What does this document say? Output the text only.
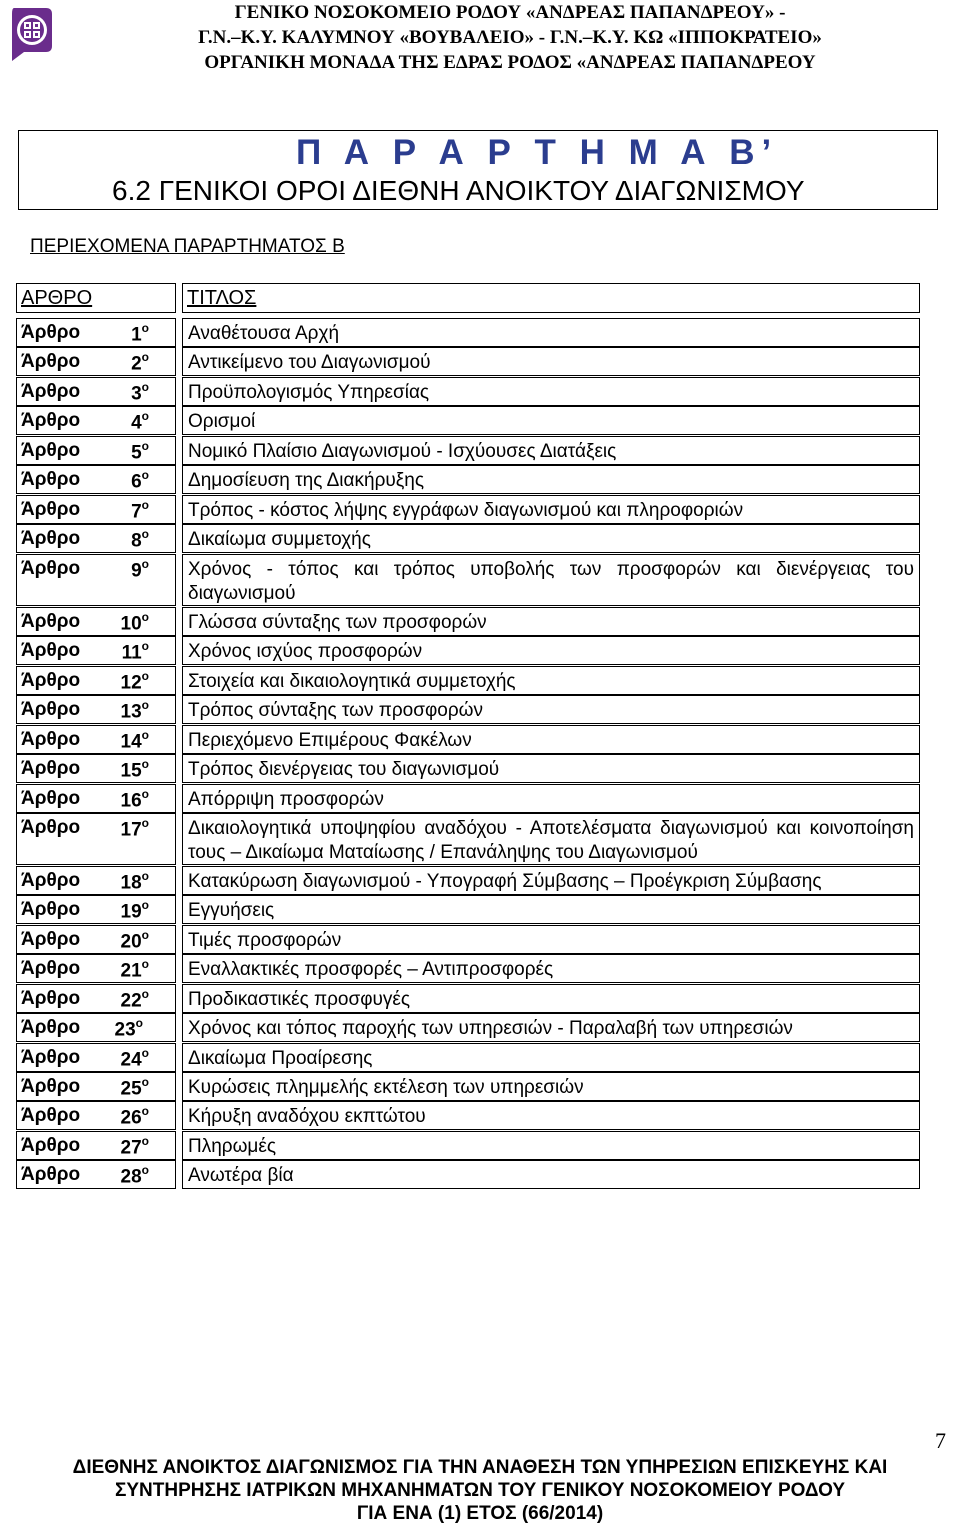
ΓΕΝΙΚΟ ΝΟΣΟΚΟΜΕΙΟ ΡΟΔΟΥ «ΑΝΔΡΕΑΣ ΠΑΠΑΝΔΡΕΟΥ» -
Γ.Ν.–Κ.Υ. ΚΑΛΥΜΝΟΥ «ΒΟΥΒΑΛΕΙΟ» - Γ.Ν.–Κ.Υ. ΚΩ «ΙΠΠΟΚΡΑΤΕΙΟ»
ΟΡΓΑΝΙΚΗ ΜΟΝΑΔΑ ΤΗΣ ΕΔΡΑΣ ΡΟΔΟΣ «ΑΝΔΡΕΑΣ ΠΑΠΑΝΔΡΕΟΥ
Π Α Ρ Α Ρ Τ Η Μ Α Β’
6.2 ΓΕΝΙΚΟΙ ΟΡΟΙ ΔΙΕΘΝΗ ΑΝΟΙΚΤΟΥ ΔΙΑΓΩΝΙΣΜΟΥ
ΠΕΡΙΕΧΟΜΕΝΑ ΠΑΡΑΡΤΗΜΑΤΟΣ Β
ΑΡΘΡΟ	ΤΙΤΛΟΣ
Άρθρο	$1^o$ Αναθέτουσα Αρχή
Άρθρο	$2^o$ Αντικείμενο του Διαγωνισμού
Άρθρο	$3^o$ Προϋπολογισμός Υπηρεσίας
Άρθρο	$4^o$ Ορισμοί
Άρθρο	$5^o$ Νομικό Πλαίσιο Διαγωνισμού - Ισχύουσες Διατάξεις
Άρθρο	$6^o$ Δημοσίευση της Διακήρυξης
Άρθρο	$7^o$ Τρόπος - κόστος λήψης εγγράφων διαγωνισμού και πληροφοριών
Άρθρο	$8^o$ Δικαίωμα συμμετοχής
Άρθρο	$9^o$ Χρόνος - τόπος και τρόπος υποβολής των προσφορών και διενέργειας του διαγωνισμού
Άρθρο $10^o$ Γλώσσα σύνταξης των προσφορών
Άρθρο $11^o$ Χρόνος ισχύος προσφορών
Άρθρο $12^o$ Στοιχεία και δικαιολογητικά συμμετοχής
Άρθρο $13^o$ Τρόπος σύνταξης των προσφορών
Άρθρο $14^o$ Περιεχόμενο Επιμέρους Φακέλων
Άρθρο $15^o$ Τρόπος διενέργειας του διαγωνισμού
Άρθρο $16^o$ Απόρριψη προσφορών
Άρθρο $17^o$ Δικαιολογητικά υποψηφίου αναδόχου - Αποτελέσματα διαγωνισμού και κοινοποίηση τους – Δικαίωμα Ματαίωσης / Επανάληψης του Διαγωνισμού
Άρθρο $18^o$ Κατακύρωση διαγωνισμού - Υπογραφή Σύμβασης – Προέγκριση Σύμβασης
Άρθρο $19^o$ Εγγυήσεις
Άρθρο $20^o$ Τιμές προσφορών
Άρθρο $21^o$ Εναλλακτικές προσφορές – Αντιπροσφορές
Άρθρο $22^o$ Προδικαστικές προσφυγές
Άρθρο $23^o$ Χρόνος και τόπος παροχής των υπηρεσιών - Παραλαβή των υπηρεσιών
Άρθρο $24^o$ Δικαίωμα Προαίρεσης
Άρθρο $25^o$ Κυρώσεις πλημμελής εκτέλεση των υπηρεσιών
Άρθρο $26^o$ Κήρυξη αναδόχου εκπτώτου
Άρθρο $27^o$ Πληρωμές
Άρθρο $28^o$ Ανωτέρα βία
7
ΔΙΕΘΝΗΣ ΑΝΟΙΚΤΟΣ ΔΙΑΓΩΝΙΣΜΟΣ ΓΙΑ ΤΗΝ ΑΝΑΘΕΣΗ ΤΩΝ ΥΠΗΡΕΣΙΩΝ ΕΠΙΣΚΕΥΗΣ ΚΑΙ
ΣΥΝΤΗΡΗΣΗΣ ΙΑΤΡΙΚΩΝ ΜΗΧΑΝΗΜΑΤΩΝ ΤΟΥ ΓΕΝΙΚΟΥ ΝΟΣΟΚΟΜΕΙΟΥ ΡΟΔΟΥ
ΓΙΑ ΕΝΑ (1) ΕΤΟΣ (66/2014)
